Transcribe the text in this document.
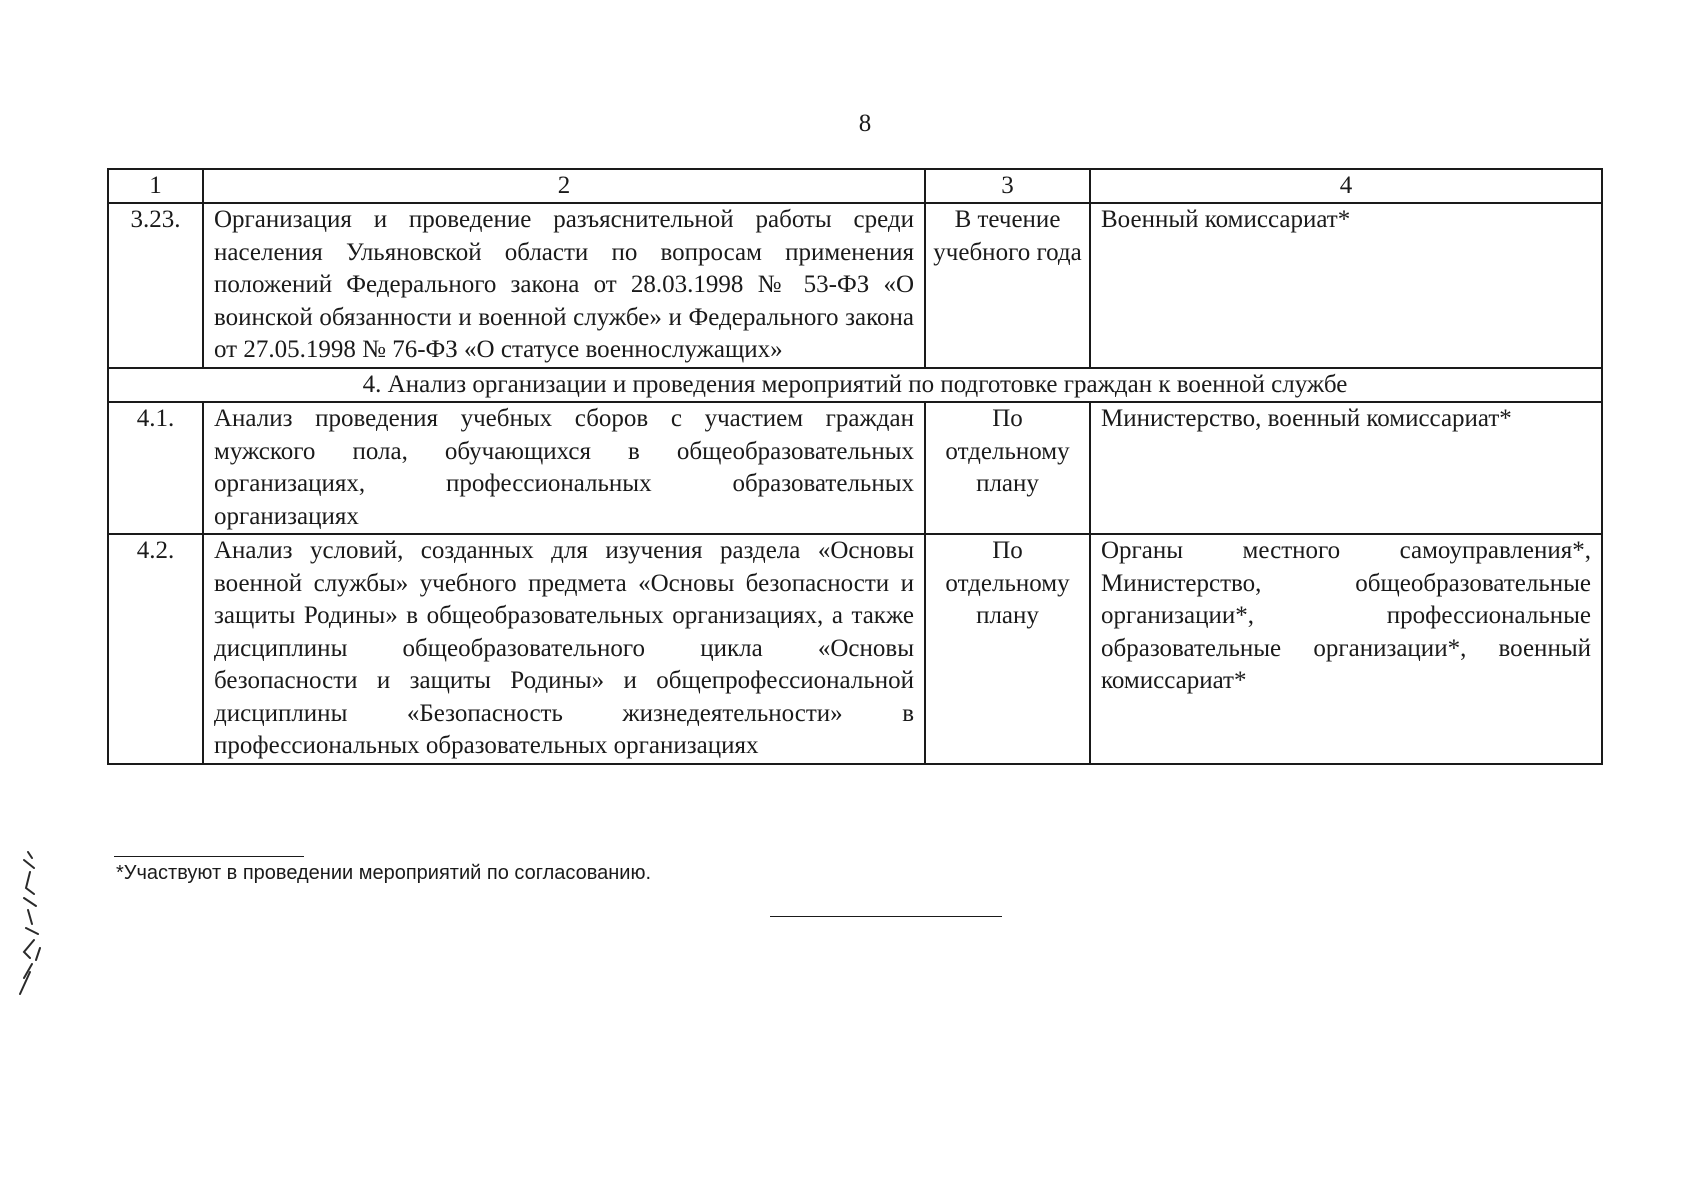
8
1	2	3	4
3.23.	Организация и проведение разъяснительной работы среди населения Ульяновской области по вопросам применения положений Федерального закона от 28.03.1998 № 53-ФЗ «О воинской обязанности и военной службе» и Федерального закона от 27.05.1998 № 76-ФЗ «О статусе военнослужащих»	В течение учебного года	Военный комиссариат*
4. Анализ организации и проведения мероприятий по подготовке граждан к военной службе			
4.1.	Анализ проведения учебных сборов с участием граждан мужского пола, обучающихся в общеобразовательных организациях, профессиональных образовательных организациях	По отдельному плану	Министерство, военный комиссариат*
4.2.	Анализ условий, созданных для изучения раздела «Основы военной службы» учебного предмета «Основы безопасности и защиты Родины» в общеобразовательных организациях, а также дисциплины общеобразовательного цикла «Основы безопасности и защиты Родины» и общепрофессиональной дисциплины «Безопасность жизнедеятельности» в профессиональных образовательных организациях	По отдельному плану	Органы местного самоуправления*, Министерство, общеобразовательные организации*, профессиональные образовательные организации*, военный комиссариат*
*Участвуют в проведении мероприятий по согласованию.
